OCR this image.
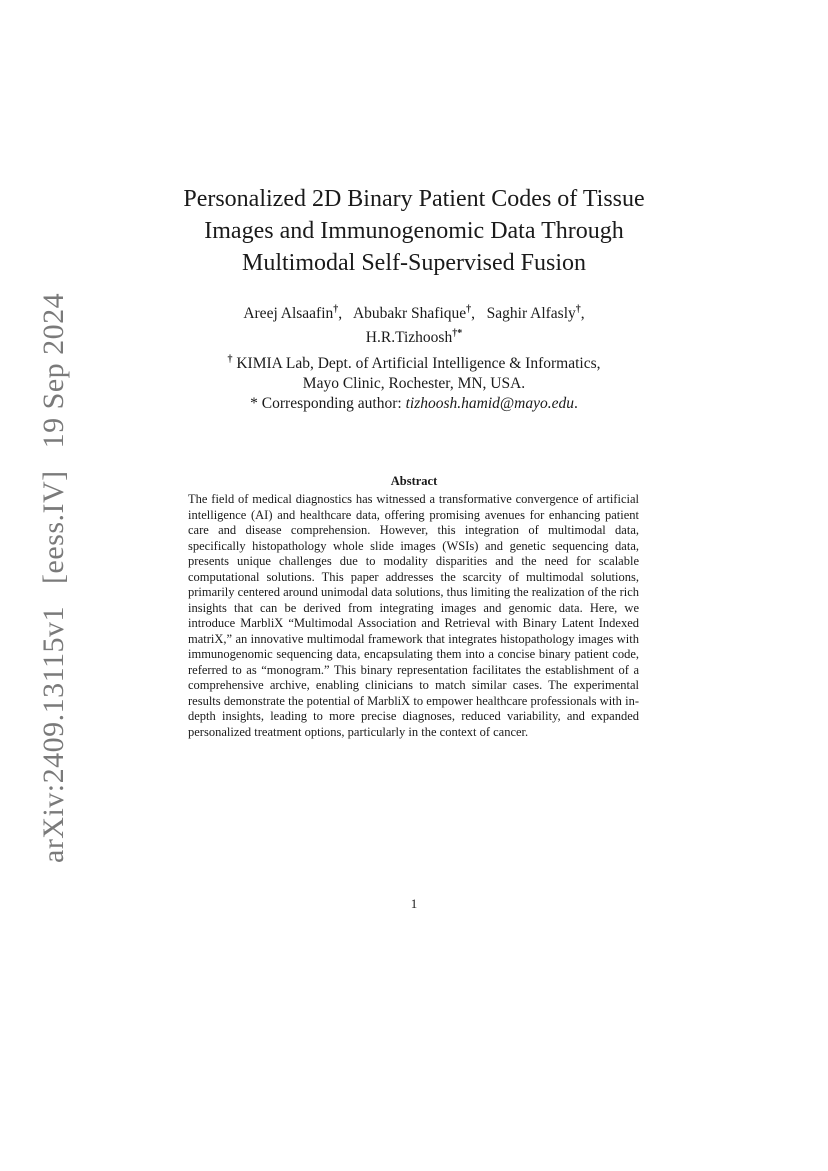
arXiv:2409.13115v1[eess.IV]19 Sep 2024
Personalized 2D Binary Patient Codes of Tissue
Images and Immunogenomic Data Through
Multimodal Self-Supervised Fusion
Areej Alsaafin†, Abubakr Shafique†, Saghir Alfasly†,
H.R.Tizhoosh†*
† KIMIA Lab, Dept. of Artificial Intelligence & Informatics,
Mayo Clinic, Rochester, MN, USA.
* Corresponding author: tizhoosh.hamid@mayo.edu.
Abstract

The field of medical diagnostics has witnessed a transformative convergence of artificial intelligence (AI) and healthcare data, offering promising avenues for enhancing patient care and disease comprehension. However, this integration of multimodal data, specifically histopathology whole slide images (WSIs) and genetic sequencing data, presents unique challenges due to modality disparities and the need for scalable computational solutions. This paper addresses the scarcity of multimodal solutions, primarily centered around unimodal data solutions, thus limiting the realization of the rich insights that can be derived from integrating images and genomic data. Here, we introduce MarbliX “Multimodal Association and Retrieval with Binary Latent Indexed matriX,” an innovative multimodal framework that integrates histopathology images with immunogenomic sequencing data, encapsulating them into a concise binary patient code, referred to as “monogram.” This binary representation facilitates the establishment of a comprehensive archive, enabling clinicians to match similar cases. The experimental results demonstrate the potential of MarbliX to empower healthcare professionals with in-depth insights, leading to more precise diagnoses, reduced variability, and expanded personalized treatment options, particularly in the context of cancer.

1
